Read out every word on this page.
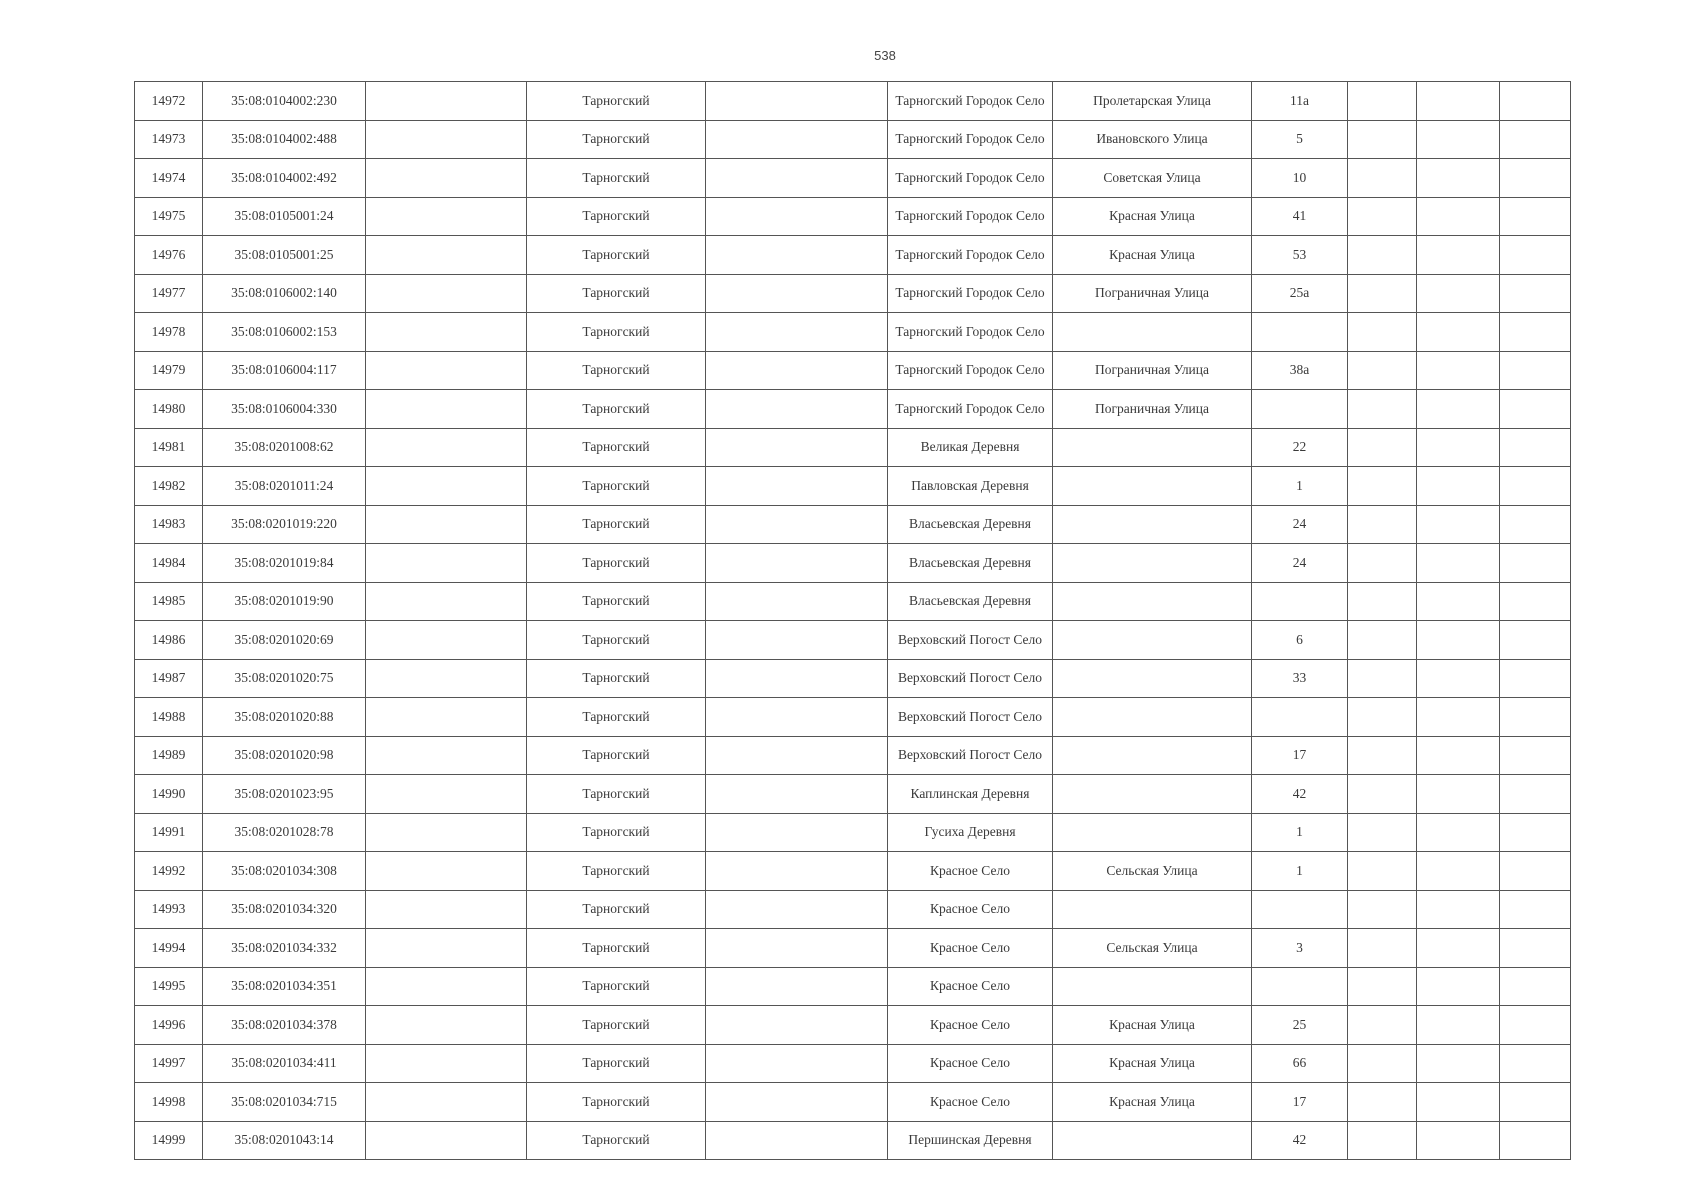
538
14972	35:08:0104002:230		Тарногский		Тарногский Городок Село	Пролетарская Улица	11а			
14973	35:08:0104002:488		Тарногский		Тарногский Городок Село	Ивановского Улица	5			
14974	35:08:0104002:492		Тарногский		Тарногский Городок Село	Советская Улица	10			
14975	35:08:0105001:24		Тарногский		Тарногский Городок Село	Красная Улица	41			
14976	35:08:0105001:25		Тарногский		Тарногский Городок Село	Красная Улица	53			
14977	35:08:0106002:140		Тарногский		Тарногский Городок Село	Пограничная Улица	25а			
14978	35:08:0106002:153		Тарногский		Тарногский Городок Село					
14979	35:08:0106004:117		Тарногский		Тарногский Городок Село	Пограничная Улица	38а			
14980	35:08:0106004:330		Тарногский		Тарногский Городок Село	Пограничная Улица				
14981	35:08:0201008:62		Тарногский		Великая Деревня		22			
14982	35:08:0201011:24		Тарногский		Павловская Деревня		1			
14983	35:08:0201019:220		Тарногский		Власьевская Деревня		24			
14984	35:08:0201019:84		Тарногский		Власьевская Деревня		24			
14985	35:08:0201019:90		Тарногский		Власьевская Деревня					
14986	35:08:0201020:69		Тарногский		Верховский Погост Село		6			
14987	35:08:0201020:75		Тарногский		Верховский Погост Село		33			
14988	35:08:0201020:88		Тарногский		Верховский Погост Село					
14989	35:08:0201020:98		Тарногский		Верховский Погост Село		17			
14990	35:08:0201023:95		Тарногский		Каплинская Деревня		42			
14991	35:08:0201028:78		Тарногский		Гусиха Деревня		1			
14992	35:08:0201034:308		Тарногский		Красное Село	Сельская Улица	1			
14993	35:08:0201034:320		Тарногский		Красное Село					
14994	35:08:0201034:332		Тарногский		Красное Село	Сельская Улица	3			
14995	35:08:0201034:351		Тарногский		Красное Село					
14996	35:08:0201034:378		Тарногский		Красное Село	Красная Улица	25			
14997	35:08:0201034:411		Тарногский		Красное Село	Красная Улица	66			
14998	35:08:0201034:715		Тарногский		Красное Село	Красная Улица	17			
14999	35:08:0201043:14		Тарногский		Першинская Деревня		42			
